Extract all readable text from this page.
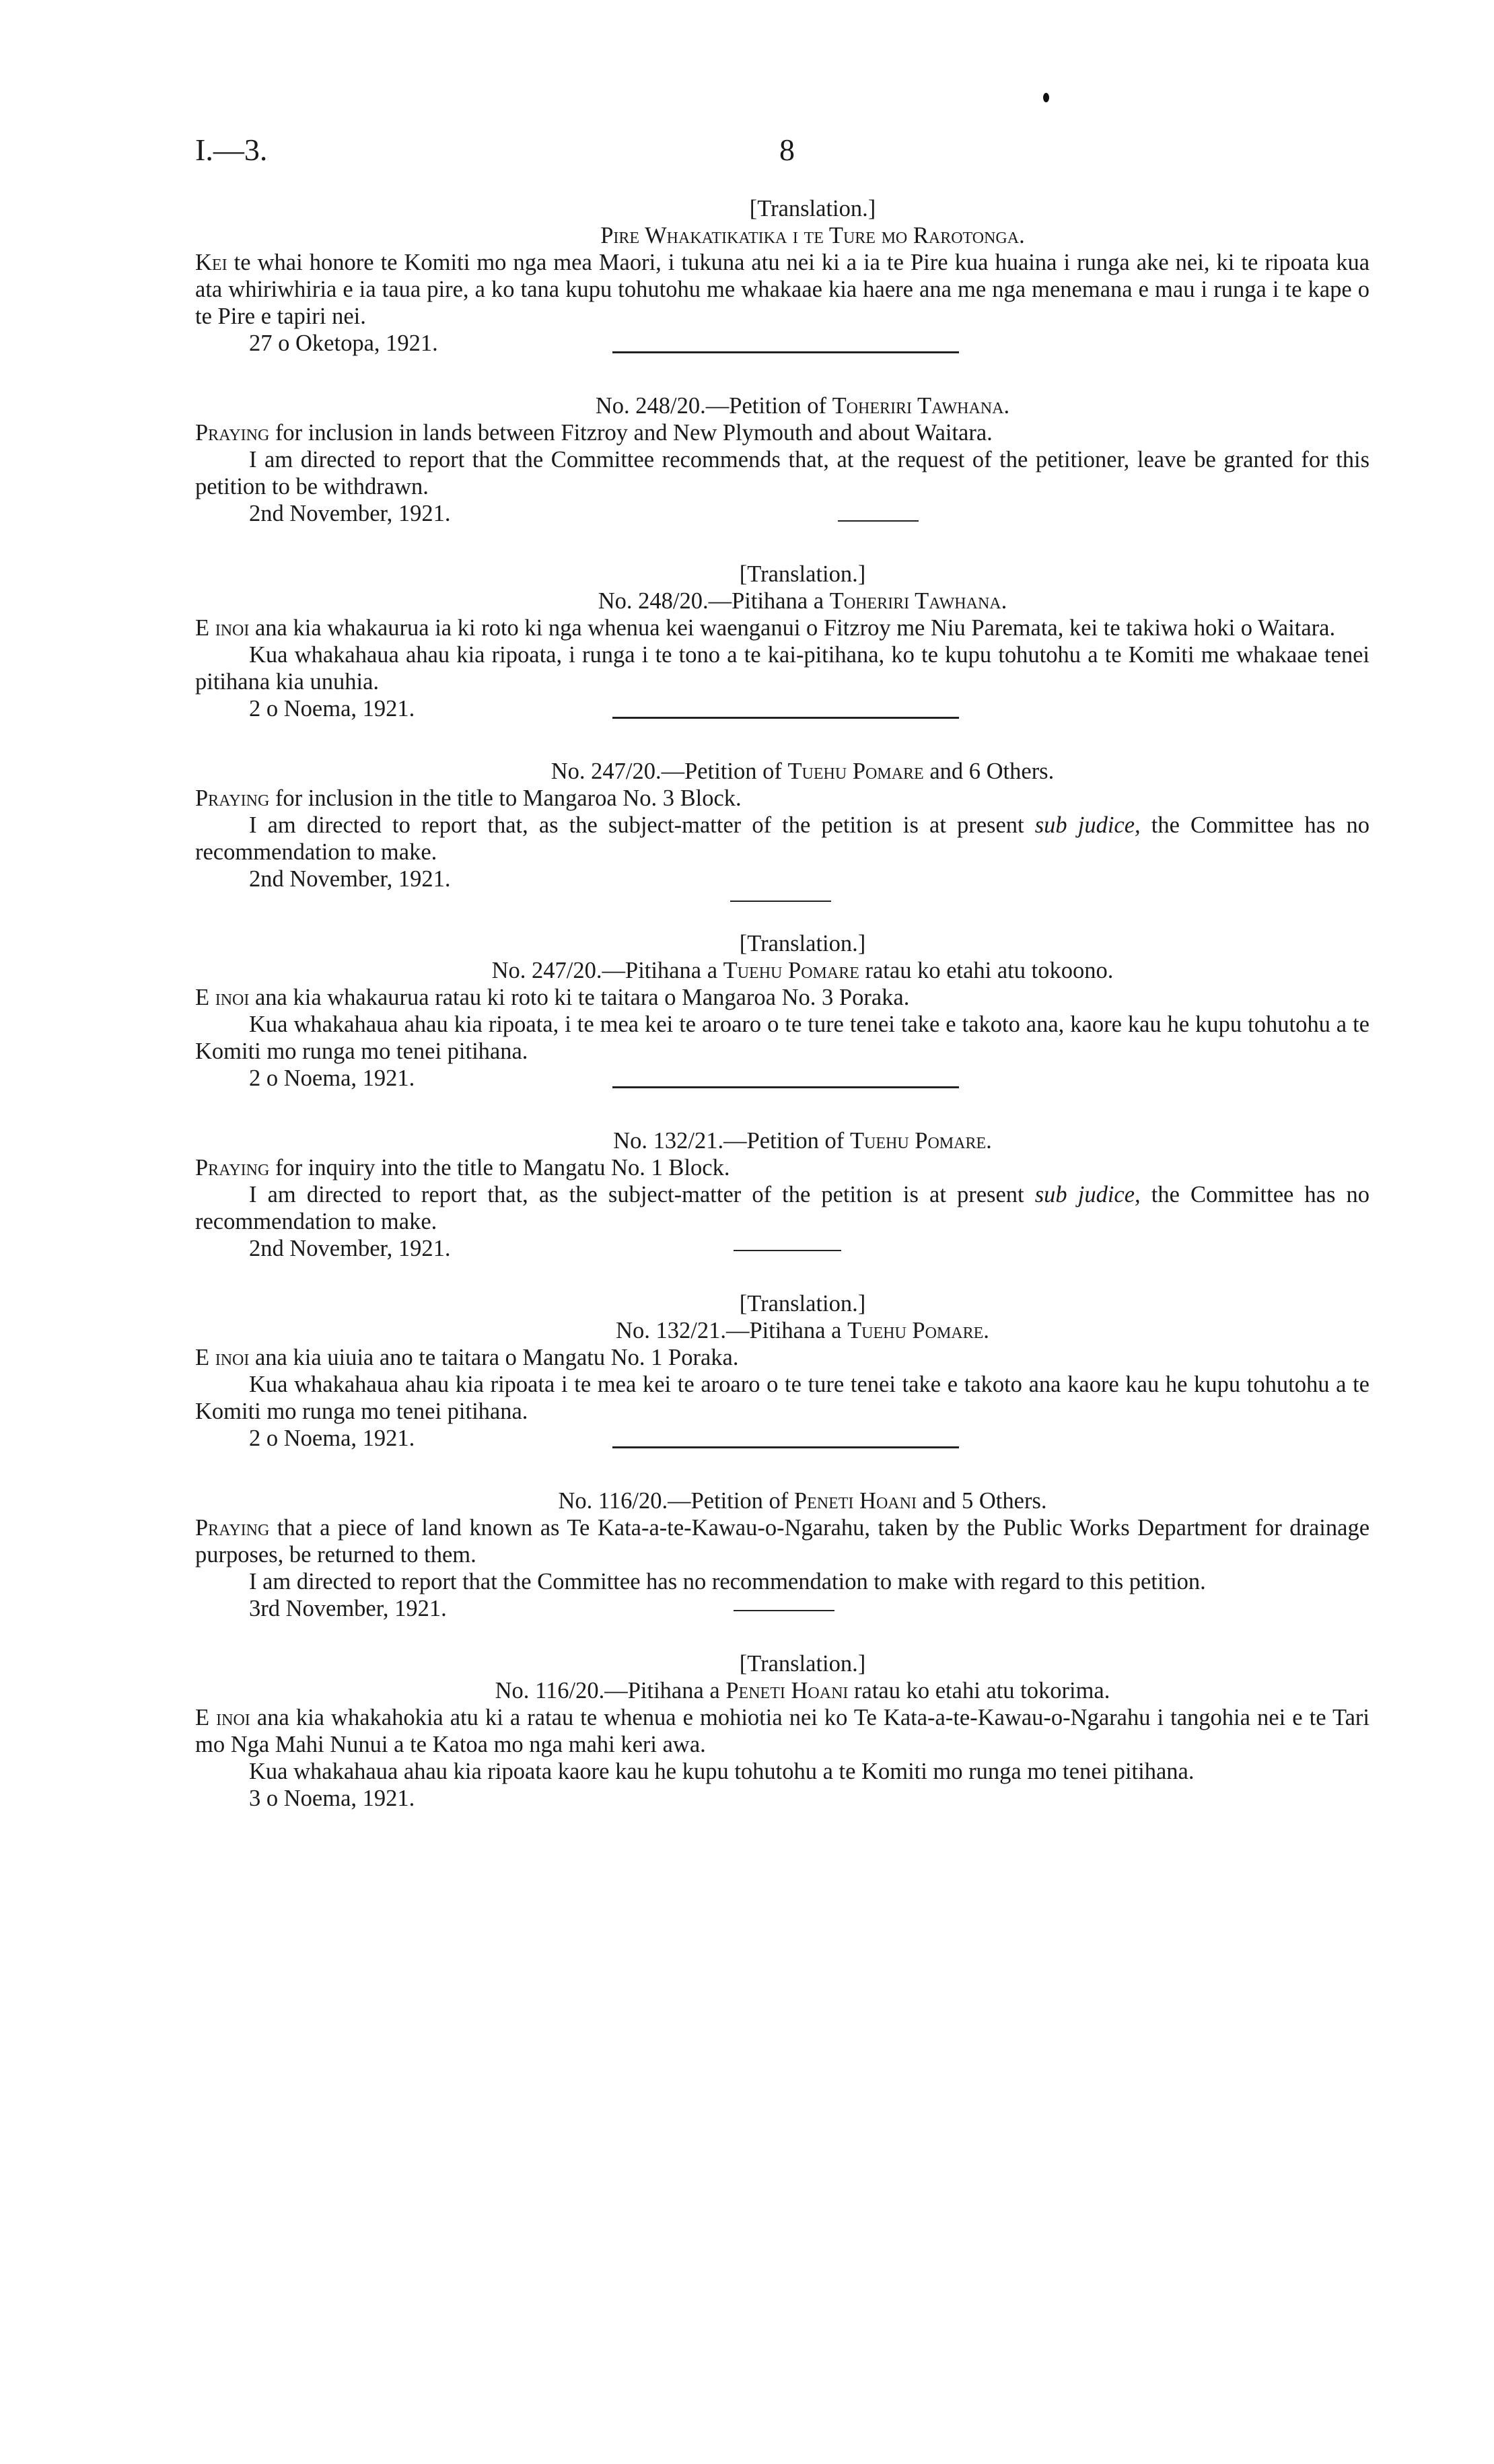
I.—3.	8

[Translation.]

Pire Whakatikatika i te Ture mo Rarotonga.

Kei te whai honore te Komiti mo nga mea Maori, i tukuna atu nei ki a ia te Pire kua huaina i runga ake nei, ki te ripoata kua ata whiriwhiria e ia taua pire, a ko tana kupu tohutohu me whakaae kia haere ana me nga menemana e mau i runga i te kape o te Pire e tapiri nei.

27 o Oketopa, 1921.

No. 248/20.—Petition of Toheriri Tawhana.

Praying for inclusion in lands between Fitzroy and New Plymouth and about Waitara.

I am directed to report that the Committee recommends that, at the request of the petitioner, leave be granted for this petition to be withdrawn.

2nd November, 1921.

[Translation.]

No. 248/20.—Pitihana a Toheriri Tawhana.

E inoi ana kia whakaurua ia ki roto ki nga whenua kei waenganui o Fitzroy me Niu Paremata, kei te takiwa hoki o Waitara.

Kua whakahaua ahau kia ripoata, i runga i te tono a te kai-pitihana, ko te kupu tohutohu a te Komiti me whakaae tenei pitihana kia unuhia.

2 o Noema, 1921.

No. 247/20.—Petition of Tuehu Pomare and 6 Others.

Praying for inclusion in the title to Mangaroa No. 3 Block.

I am directed to report that, as the subject-matter of the petition is at present sub judice, the Committee has no recommendation to make.

2nd November, 1921.

[Translation.]

No. 247/20.—Pitihana a Tuehu Pomare ratau ko etahi atu tokoono.

E inoi ana kia whakaurua ratau ki roto ki te taitara o Mangaroa No. 3 Poraka.

Kua whakahaua ahau kia ripoata, i te mea kei te aroaro o te ture tenei take e takoto ana, kaore kau he kupu tohutohu a te Komiti mo runga mo tenei pitihana.

2 o Noema, 1921.

No. 132/21.—Petition of Tuehu Pomare.

Praying for inquiry into the title to Mangatu No. 1 Block.

I am directed to report that, as the subject-matter of the petition is at present sub judice, the Committee has no recommendation to make.

2nd November, 1921.

[Translation.]

No. 132/21.—Pitihana a Tuehu Pomare.

E inoi ana kia uiuia ano te taitara o Mangatu No. 1 Poraka.

Kua whakahaua ahau kia ripoata i te mea kei te aroaro o te ture tenei take e takoto ana kaore kau he kupu tohutohu a te Komiti mo runga mo tenei pitihana.

2 o Noema, 1921.

No. 116/20.—Petition of Peneti Hoani and 5 Others.

Praying that a piece of land known as Te Kata-a-te-Kawau-o-Ngarahu, taken by the Public Works Department for drainage purposes, be returned to them.

I am directed to report that the Committee has no recommendation to make with regard to this petition.

3rd November, 1921.

[Translation.]

No. 116/20.—Pitihana a Peneti Hoani ratau ko etahi atu tokorima.

E inoi ana kia whakahokia atu ki a ratau te whenua e mohiotia nei ko Te Kata-a-te-Kawau-o-Ngarahu i tangohia nei e te Tari mo Nga Mahi Nunui a te Katoa mo nga mahi keri awa.

Kua whakahaua ahau kia ripoata kaore kau he kupu tohutohu a te Komiti mo runga mo tenei pitihana.

3 o Noema, 1921.
